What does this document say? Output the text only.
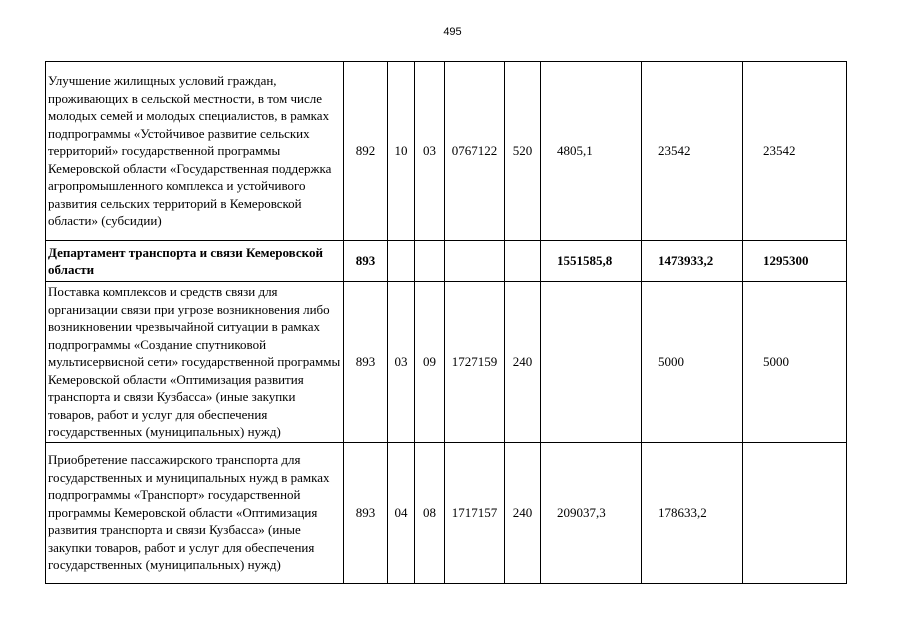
495
Улучшение жилищных условий граждан, проживающих в сельской местности, в том числе молодых семей и молодых специалистов, в рамках подпрограммы «Устойчивое развитие сельских территорий» государственной программы Кемеровской области «Государственная поддержка агропромышленного комплекса и устойчивого развития сельских территорий в Кемеровской области» (субсидии)	892	10	03	0767122	520	4805,1	23542	23542
Департамент транспорта и связи Кемеровской области	893					1551585,8	1473933,2	1295300
Поставка комплексов и средств связи для организации связи при угрозе возникновения либо возникновении чрезвычайной ситуации в рамках подпрограммы «Создание спутниковой мультисервисной сети» государственной программы Кемеровской области «Оптимизация развития транспорта и связи Кузбасса» (иные закупки товаров, работ и услуг для обеспечения государственных (муниципальных) нужд)	893	03	09	1727159	240		5000	5000
Приобретение пассажирского транспорта для государственных и муниципальных нужд в рамках подпрограммы «Транспорт» государственной программы Кемеровской области «Оптимизация развития транспорта и связи Кузбасса» (иные закупки товаров, работ и услуг для обеспечения государственных (муниципальных) нужд)	893	04	08	1717157	240	209037,3	178633,2	
